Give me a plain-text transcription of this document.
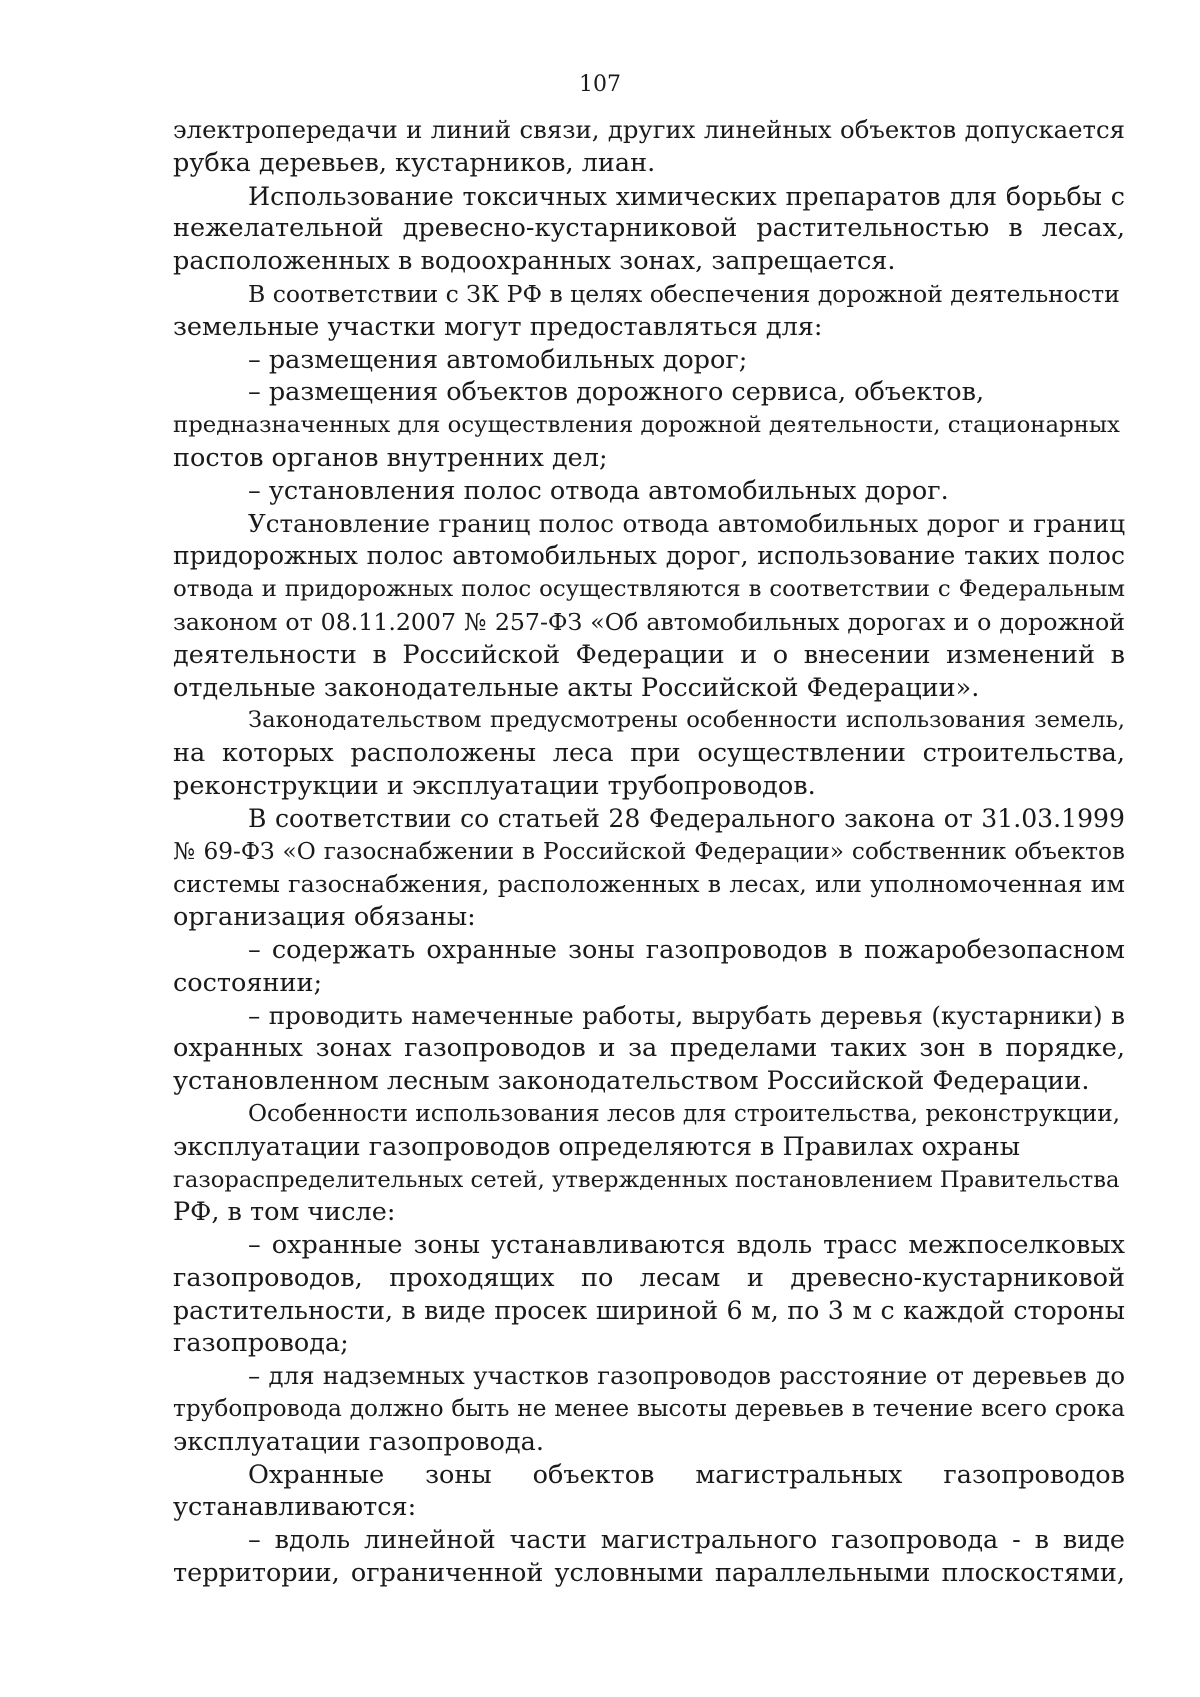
107
электропередачи и линий связи, других линейных объектов допускается
рубка деревьев, кустарников, лиан.
Использование токсичных химических препаратов для борьбы с
нежелательной древесно-кустарниковой растительностью в лесах,
расположенных в водоохранных зонах, запрещается.
В соответствии с ЗК РФ в целях обеспечения дорожной деятельности
земельные участки могут предоставляться для:
– размещения автомобильных дорог;
– размещения объектов дорожного сервиса, объектов,
предназначенных для осуществления дорожной деятельности, стационарных
постов органов внутренних дел;
– установления полос отвода автомобильных дорог.
Установление границ полос отвода автомобильных дорог и границ
придорожных полос автомобильных дорог, использование таких полос
отвода и придорожных полос осуществляются в соответствии с Федеральным
законом от 08.11.2007 № 257-ФЗ «Об автомобильных дорогах и о дорожной
деятельности в Российской Федерации и о внесении изменений в
отдельные законодательные акты Российской Федерации».
Законодательством предусмотрены особенности использования земель,
на которых расположены леса при осуществлении строительства,
реконструкции и эксплуатации трубопроводов.
В соответствии со статьей 28 Федерального закона от 31.03.1999
№ 69-ФЗ «О газоснабжении в Российской Федерации» собственник объектов
системы газоснабжения, расположенных в лесах, или уполномоченная им
организация обязаны:
– содержать охранные зоны газопроводов в пожаробезопасном
состоянии;
– проводить намеченные работы, вырубать деревья (кустарники) в
охранных зонах газопроводов и за пределами таких зон в порядке,
установленном лесным законодательством Российской Федерации.
Особенности использования лесов для строительства, реконструкции,
эксплуатации газопроводов определяются в Правилах охраны
газораспределительных сетей, утвержденных постановлением Правительства
РФ, в том числе:
– охранные зоны устанавливаются вдоль трасс межпоселковых
газопроводов, проходящих по лесам и древесно-кустарниковой
растительности, в виде просек шириной 6 м, по 3 м с каждой стороны
газопровода;
– для надземных участков газопроводов расстояние от деревьев до
трубопровода должно быть не менее высоты деревьев в течение всего срока
эксплуатации газопровода.
Охранные зоны объектов магистральных газопроводов
устанавливаются:
– вдоль линейной части магистрального газопровода - в виде
территории, ограниченной условными параллельными плоскостями,
